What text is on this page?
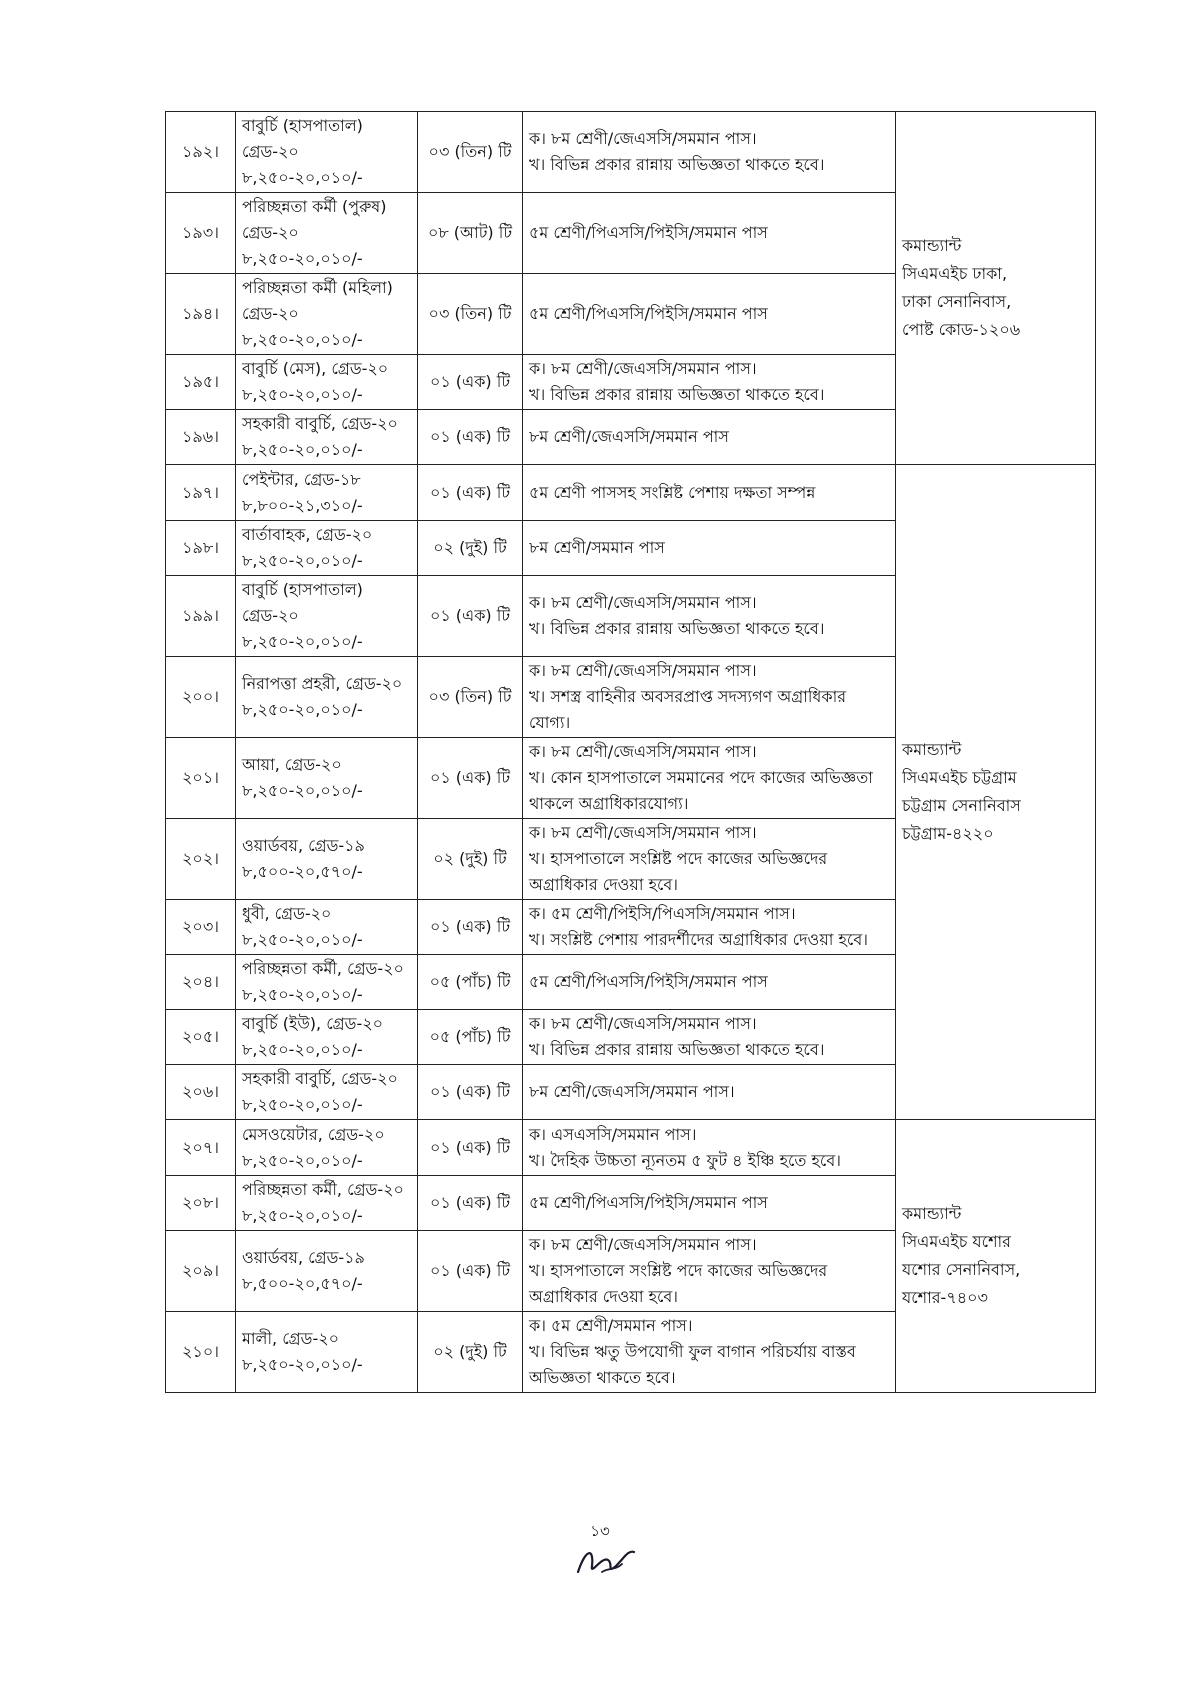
১৯২।	বাবুর্চি (হাসপাতাল)
গ্রেড-২০
৮,২৫০-২০,০১০/-	০৩ (তিন) টি	ক। ৮ম শ্রেণী/জেএসসি/সমমান পাস।
খ। বিভিন্ন প্রকার রান্নায় অভিজ্ঞতা থাকতে হবে।	কমান্ড্যান্ট
সিএমএইচ ঢাকা,
ঢাকা সেনানিবাস,
পোষ্ট কোড-১২০৬

১৯৩।	পরিচ্ছন্নতা কর্মী (পুরুষ)
গ্রেড-২০
৮,২৫০-২০,০১০/-	০৮ (আট) টি	৫ম শ্রেণী/পিএসসি/পিইসি/সমমান পাস	

১৯৪।	পরিচ্ছন্নতা কর্মী (মহিলা)
গ্রেড-২০
৮,২৫০-২০,০১০/-	০৩ (তিন) টি	৫ম শ্রেণী/পিএসসি/পিইসি/সমমান পাস	

১৯৫।	বাবুর্চি (মেস), গ্রেড-২০
৮,২৫০-২০,০১০/-	০১ (এক) টি	ক। ৮ম শ্রেণী/জেএসসি/সমমান পাস।
খ। বিভিন্ন প্রকার রান্নায় অভিজ্ঞতা থাকতে হবে।	

১৯৬।	সহকারী বাবুর্চি, গ্রেড-২০
৮,২৫০-২০,০১০/-	০১ (এক) টি	৮ম শ্রেণী/জেএসসি/সমমান পাস	

১৯৭।	পেইন্টার, গ্রেড-১৮
৮,৮০০-২১,৩১০/-	০১ (এক) টি	৫ম শ্রেণী পাসসহ সংশ্লিষ্ট পেশায় দক্ষতা সম্পন্ন	কমান্ড্যান্ট
সিএমএইচ চট্টগ্রাম
চট্টগ্রাম সেনানিবাস
চট্টগ্রাম-৪২২০

১৯৮।	বার্তাবাহক, গ্রেড-২০
৮,২৫০-২০,০১০/-	০২ (দুই) টি	৮ম শ্রেণী/সমমান পাস	

১৯৯।	বাবুর্চি (হাসপাতাল)
গ্রেড-২০
৮,২৫০-২০,০১০/-	০১ (এক) টি	ক। ৮ম শ্রেণী/জেএসসি/সমমান পাস।
খ। বিভিন্ন প্রকার রান্নায় অভিজ্ঞতা থাকতে হবে।	

২০০।	নিরাপত্তা প্রহরী, গ্রেড-২০
৮,২৫০-২০,০১০/-	০৩ (তিন) টি	ক। ৮ম শ্রেণী/জেএসসি/সমমান পাস।
খ। সশস্ত্র বাহিনীর অবসরপ্রাপ্ত সদস্যগণ অগ্রাধিকার যোগ্য।	

২০১।	আয়া, গ্রেড-২০
৮,২৫০-২০,০১০/-	০১ (এক) টি	ক। ৮ম শ্রেণী/জেএসসি/সমমান পাস।
খ। কোন হাসপাতালে সমমানের পদে কাজের অভিজ্ঞতা থাকলে অগ্রাধিকারযোগ্য।	

২০২।	ওয়ার্ডবয়, গ্রেড-১৯
৮,৫০০-২০,৫৭০/-	০২ (দুই) টি	ক। ৮ম শ্রেণী/জেএসসি/সমমান পাস।
খ। হাসপাতালে সংশ্লিষ্ট পদে কাজের অভিজ্ঞদের অগ্রাধিকার দেওয়া হবে।	

২০৩।	ধুবী, গ্রেড-২০
৮,২৫০-২০,০১০/-	০১ (এক) টি	ক। ৫ম শ্রেণী/পিইসি/পিএসসি/সমমান পাস।
খ। সংশ্লিষ্ট পেশায় পারদর্শীদের অগ্রাধিকার দেওয়া হবে।	

২০৪।	পরিচ্ছন্নতা কর্মী, গ্রেড-২০
৮,২৫০-২০,০১০/-	০৫ (পাঁচ) টি	৫ম শ্রেণী/পিএসসি/পিইসি/সমমান পাস	

২০৫।	বাবুর্চি (ইউ), গ্রেড-২০
৮,২৫০-২০,০১০/-	০৫ (পাঁচ) টি	ক। ৮ম শ্রেণী/জেএসসি/সমমান পাস।
খ। বিভিন্ন প্রকার রান্নায় অভিজ্ঞতা থাকতে হবে।	

২০৬।	সহকারী বাবুর্চি, গ্রেড-২০
৮,২৫০-২০,০১০/-	০১ (এক) টি	৮ম শ্রেণী/জেএসসি/সমমান পাস।	

২০৭।	মেসওয়েটার, গ্রেড-২০
৮,২৫০-২০,০১০/-	০১ (এক) টি	ক। এসএসসি/সমমান পাস।
খ। দৈহিক উচ্চতা ন্যূনতম ৫ ফুট ৪ ইঞ্চি হতে হবে।	কমান্ড্যান্ট
সিএমএইচ যশোর
যশোর সেনানিবাস,
যশোর-৭৪০৩

২০৮।	পরিচ্ছন্নতা কর্মী, গ্রেড-২০
৮,২৫০-২০,০১০/-	০১ (এক) টি	৫ম শ্রেণী/পিএসসি/পিইসি/সমমান পাস	

২০৯।	ওয়ার্ডবয়, গ্রেড-১৯
৮,৫০০-২০,৫৭০/-	০১ (এক) টি	ক। ৮ম শ্রেণী/জেএসসি/সমমান পাস।
খ। হাসপাতালে সংশ্লিষ্ট পদে কাজের অভিজ্ঞদের অগ্রাধিকার দেওয়া হবে।	

২১০।	মালী, গ্রেড-২০
৮,২৫০-২০,০১০/-	০২ (দুই) টি	ক। ৫ম শ্রেণী/সমমান পাস।
খ। বিভিন্ন ঋতু উপযোগী ফুল বাগান পরিচর্যায় বাস্তব অভিজ্ঞতা থাকতে হবে।	
১৩
